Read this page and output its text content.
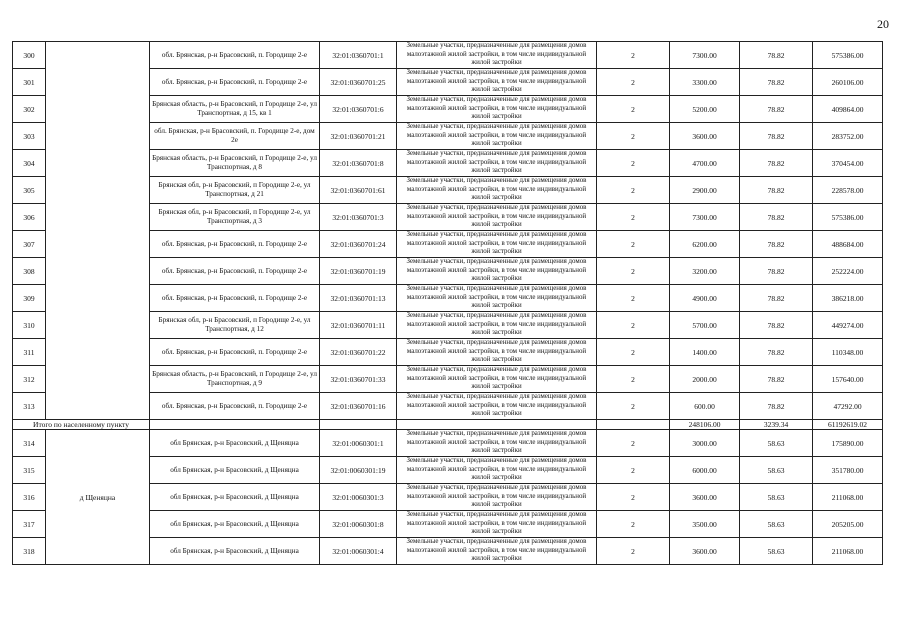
20
300		обл. Брянская, р-н Брасовский, п. Городище 2-е	32:01:0360701:1	Земельные участки, предназначенные для размещения домов малоэтажной жилой застройки, в том числе индивидуальной жилой застройки	2	7300.00	78.82	575386.00
301		обл. Брянская, р-н Брасовский, п. Городище 2-е	32:01:0360701:25	Земельные участки, предназначенные для размещения домов малоэтажной жилой застройки, в том числе индивидуальной жилой застройки	2	3300.00	78.82	260106.00
302		Брянская область, р-н Брасовский, п Городище 2-е, ул Транспортная, д 15, кв 1	32:01:0360701:6	Земельные участки, предназначенные для размещения домов малоэтажной жилой застройки, в том числе индивидуальной жилой застройки	2	5200.00	78.82	409864.00
303		обл. Брянская, р-н Брасовский, п. Городище 2-е, дом 2е	32:01:0360701:21	Земельные участки, предназначенные для размещения домов малоэтажной жилой застройки, в том числе индивидуальной жилой застройки	2	3600.00	78.82	283752.00
304		Брянская область, р-н Брасовский, п Городище 2-е, ул Транспортная, д 8	32:01:0360701:8	Земельные участки, предназначенные для размещения домов малоэтажной жилой застройки, в том числе индивидуальной жилой застройки	2	4700.00	78.82	370454.00
305		Брянская обл, р-н Брасовский, п Городище 2-е, ул Транспортная, д 21	32:01:0360701:61	Земельные участки, предназначенные для размещения домов малоэтажной жилой застройки, в том числе индивидуальной жилой застройки	2	2900.00	78.82	228578.00
306		Брянская обл, р-н Брасовский, п Городище 2-е, ул Транспортная, д 3	32:01:0360701:3	Земельные участки, предназначенные для размещения домов малоэтажной жилой застройки, в том числе индивидуальной жилой застройки	2	7300.00	78.82	575386.00
307		обл. Брянская, р-н Брасовский, п. Городище 2-е	32:01:0360701:24	Земельные участки, предназначенные для размещения домов малоэтажной жилой застройки, в том числе индивидуальной жилой застройки	2	6200.00	78.82	488684.00
308		обл. Брянская, р-н Брасовский, п. Городище 2-е	32:01:0360701:19	Земельные участки, предназначенные для размещения домов малоэтажной жилой застройки, в том числе индивидуальной жилой застройки	2	3200.00	78.82	252224.00
309		обл. Брянская, р-н Брасовский, п. Городище 2-е	32:01:0360701:13	Земельные участки, предназначенные для размещения домов малоэтажной жилой застройки, в том числе индивидуальной жилой застройки	2	4900.00	78.82	386218.00
310		Брянская обл, р-н Брасовский, п Городище 2-е, ул Транспортная, д 12	32:01:0360701:11	Земельные участки, предназначенные для размещения домов малоэтажной жилой застройки, в том числе индивидуальной жилой застройки	2	5700.00	78.82	449274.00
311		обл. Брянская, р-н Брасовский, п. Городище 2-е	32:01:0360701:22	Земельные участки, предназначенные для размещения домов малоэтажной жилой застройки, в том числе индивидуальной жилой застройки	2	1400.00	78.82	110348.00
312		Брянская область, р-н Брасовский, п Городище 2-е, ул Транспортная, д 9	32:01:0360701:33	Земельные участки, предназначенные для размещения домов малоэтажной жилой застройки, в том числе индивидуальной жилой застройки	2	2000.00	78.82	157640.00
313		обл. Брянская, р-н Брасовский, п. Городище 2-е	32:01:0360701:16	Земельные участки, предназначенные для размещения домов малоэтажной жилой застройки, в том числе индивидуальной жилой застройки	2	600.00	78.82	47292.00
Итого по населенному пункту						248106.00	3239.34	61192619.02
314	д Щеняцна	обл Брянская, р-н Брасовский, д Щеняцна	32:01:0060301:1	Земельные участки, предназначенные для размещения домов малоэтажной жилой застройки, в том числе индивидуальной жилой застройки	2	3000.00	58.63	175890.00
315		обл Брянская, р-н Брасовский, д Щеняцна	32:01:0060301:19	Земельные участки, предназначенные для размещения домов малоэтажной жилой застройки, в том числе индивидуальной жилой застройки	2	6000.00	58.63	351780.00
316		обл Брянская, р-н Брасовский, д Щеняцна	32:01:0060301:3	Земельные участки, предназначенные для размещения домов малоэтажной жилой застройки, в том числе индивидуальной жилой застройки	2	3600.00	58.63	211068.00
317		обл Брянская, р-н Брасовский, д Щеняцна	32:01:0060301:8	Земельные участки, предназначенные для размещения домов малоэтажной жилой застройки, в том числе индивидуальной жилой застройки	2	3500.00	58.63	205205.00
318		обл Брянская, р-н Брасовский, д Щеняцна	32:01:0060301:4	Земельные участки, предназначенные для размещения домов малоэтажной жилой застройки, в том числе индивидуальной жилой застройки	2	3600.00	58.63	211068.00
